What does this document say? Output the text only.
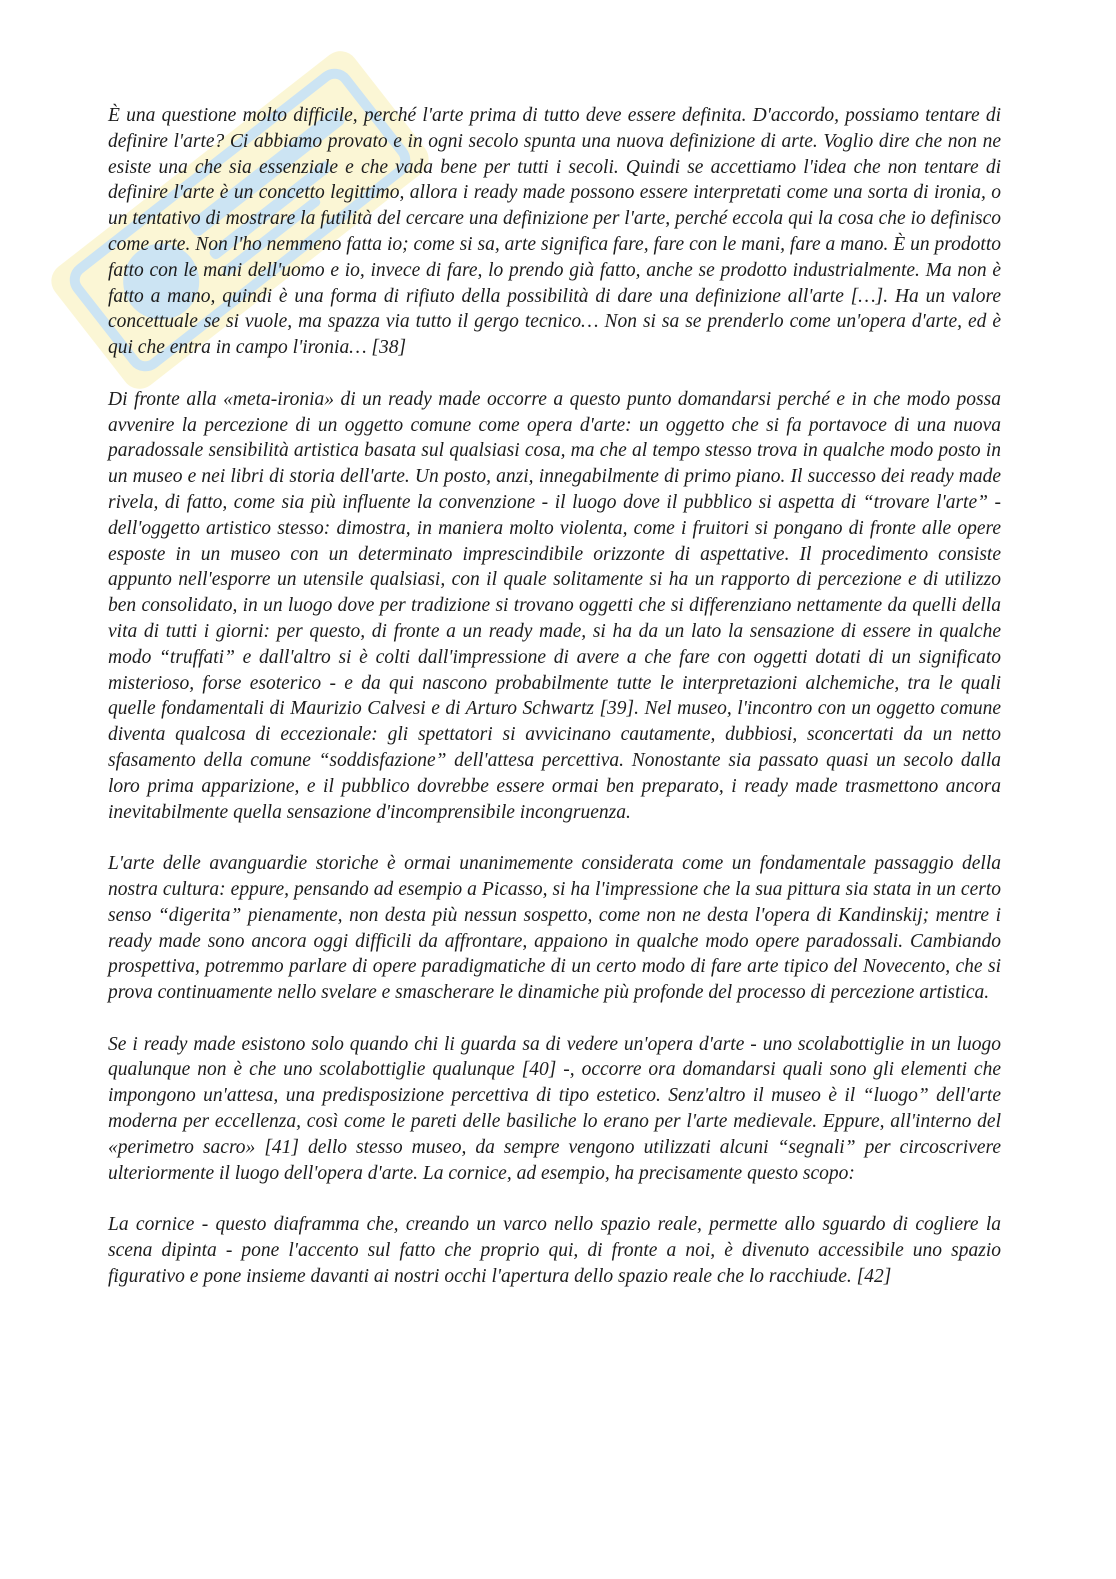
È una questione molto difficile, perché l'arte prima di tutto deve essere definita. D'accordo, possiamo tentare di definire l'arte? Ci abbiamo provato e in ogni secolo spunta una nuova definizione di arte. Voglio dire che non ne esiste una che sia essenziale e che vada bene per tutti i secoli. Quindi se accettiamo l'idea che non tentare di definire l'arte è un concetto legittimo, allora i ready made possono essere interpretati come una sorta di ironia, o un tentativo di mostrare la futilità del cercare una definizione per l'arte, perché eccola qui la cosa che io definisco come arte. Non l'ho nemmeno fatta io; come si sa, arte significa fare, fare con le mani, fare a mano. È un prodotto fatto con le mani dell'uomo e io, invece di fare, lo prendo già fatto, anche se prodotto industrialmente. Ma non è fatto a mano, quindi è una forma di rifiuto della possibilità di dare una definizione all'arte […]. Ha un valore concettuale se si vuole, ma spazza via tutto il gergo tecnico… Non si sa se prenderlo come un'opera d'arte, ed è qui che entra in campo l'ironia… [38]

Di fronte alla «meta-ironia» di un ready made occorre a questo punto domandarsi perché e in che modo possa avvenire la percezione di un oggetto comune come opera d'arte: un oggetto che si fa portavoce di una nuova paradossale sensibilità artistica basata sul qualsiasi cosa, ma che al tempo stesso trova in qualche modo posto in un museo e nei libri di storia dell'arte. Un posto, anzi, innegabilmente di primo piano. Il successo dei ready made rivela, di fatto, come sia più influente la convenzione - il luogo dove il pubblico si aspetta di “trovare l'arte” - dell'oggetto artistico stesso: dimostra, in maniera molto violenta, come i fruitori si pongano di fronte alle opere esposte in un museo con un determinato imprescindibile orizzonte di aspettative. Il procedimento consiste appunto nell'esporre un utensile qualsiasi, con il quale solitamente si ha un rapporto di percezione e di utilizzo ben consolidato, in un luogo dove per tradizione si trovano oggetti che si differenziano nettamente da quelli della vita di tutti i giorni: per questo, di fronte a un ready made, si ha da un lato la sensazione di essere in qualche modo “truffati” e dall'altro si è colti dall'impressione di avere a che fare con oggetti dotati di un significato misterioso, forse esoterico - e da qui nascono probabilmente tutte le interpretazioni alchemiche, tra le quali quelle fondamentali di Maurizio Calvesi e di Arturo Schwartz [39]. Nel museo, l'incontro con un oggetto comune diventa qualcosa di eccezionale: gli spettatori si avvicinano cautamente, dubbiosi, sconcertati da un netto sfasamento della comune “soddisfazione” dell'attesa percettiva. Nonostante sia passato quasi un secolo dalla loro prima apparizione, e il pubblico dovrebbe essere ormai ben preparato, i ready made trasmettono ancora inevitabilmente quella sensazione d'incomprensibile incongruenza.

L'arte delle avanguardie storiche è ormai unanimemente considerata come un fondamentale passaggio della nostra cultura: eppure, pensando ad esempio a Picasso, si ha l'impressione che la sua pittura sia stata in un certo senso “digerita” pienamente, non desta più nessun sospetto, come non ne desta l'opera di Kandinskij; mentre i ready made sono ancora oggi difficili da affrontare, appaiono in qualche modo opere paradossali. Cambiando prospettiva, potremmo parlare di opere paradigmatiche di un certo modo di fare arte tipico del Novecento, che si prova continuamente nello svelare e smascherare le dinamiche più profonde del processo di percezione artistica.

Se i ready made esistono solo quando chi li guarda sa di vedere un'opera d'arte - uno scolabottiglie in un luogo qualunque non è che uno scolabottiglie qualunque [40] -, occorre ora domandarsi quali sono gli elementi che impongono un'attesa, una predisposizione percettiva di tipo estetico. Senz'altro il museo è il “luogo” dell'arte moderna per eccellenza, così come le pareti delle basiliche lo erano per l'arte medievale. Eppure, all'interno del «perimetro sacro» [41] dello stesso museo, da sempre vengono utilizzati alcuni “segnali” per circoscrivere ulteriormente il luogo dell'opera d'arte. La cornice, ad esempio, ha precisamente questo scopo:

La cornice - questo diaframma che, creando un varco nello spazio reale, permette allo sguardo di cogliere la scena dipinta - pone l'accento sul fatto che proprio qui, di fronte a noi, è divenuto accessibile uno spazio figurativo e pone insieme davanti ai nostri occhi l'apertura dello spazio reale che lo racchiude. [42]
